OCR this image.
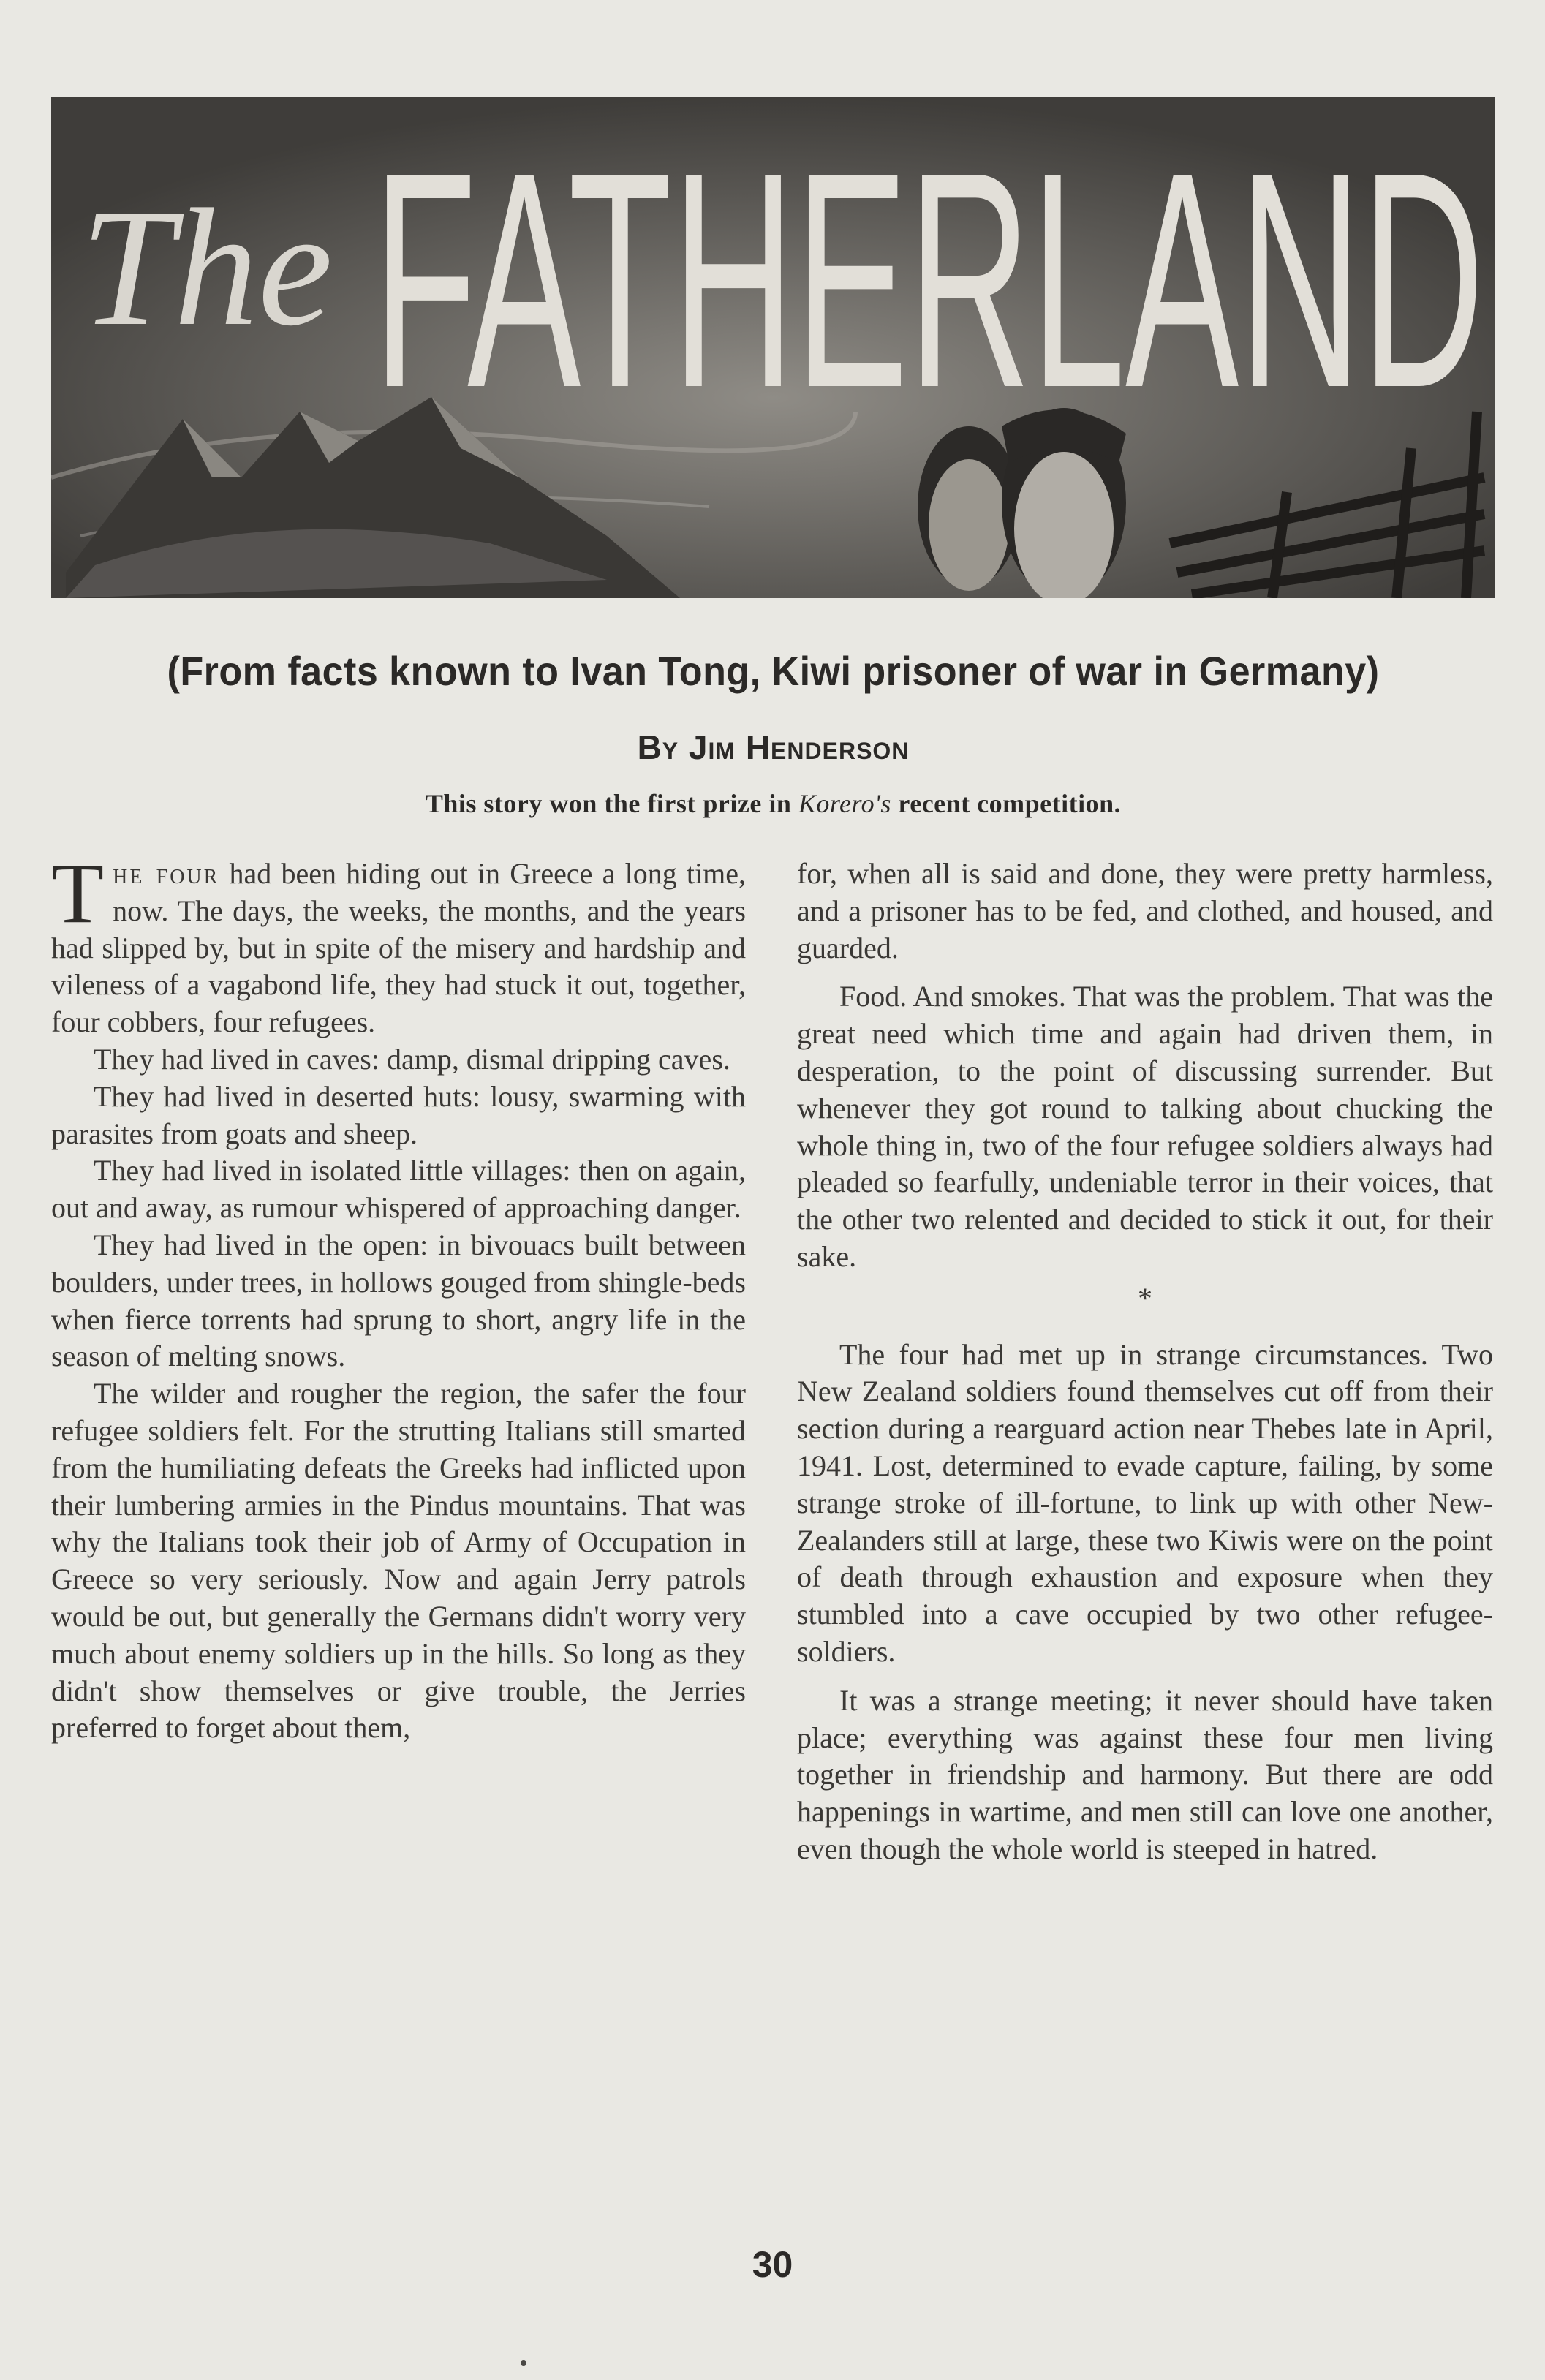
The FATHERLAND
(From facts known to Ivan Tong, Kiwi prisoner of war in Germany)
By Jim Henderson
This story won the first prize in Korero's recent competition.

The four had been hiding out in Greece a long time, now. The days, the weeks, the months, and the years had slipped by, but in spite of the misery and hardship and vileness of a vagabond life, they had stuck it out, together, four cobbers, four refugees.

They had lived in caves: damp, dismal dripping caves.

They had lived in deserted huts: lousy, swarming with parasites from goats and sheep.

They had lived in isolated little villages: then on again, out and away, as rumour whispered of approaching danger.

They had lived in the open: in bivouacs built between boulders, under trees, in hollows gouged from shingle-beds when fierce torrents had sprung to short, angry life in the season of melting snows.

The wilder and rougher the region, the safer the four refugee soldiers felt. For the strutting Italians still smarted from the humiliating defeats the Greeks had inflicted upon their lumbering armies in the Pindus mountains. That was why the Italians took their job of Army of Occupation in Greece so very seriously. Now and again Jerry patrols would be out, but generally the Germans didn't worry very much about enemy soldiers up in the hills. So long as they didn't show themselves or give trouble, the Jerries preferred to forget about them,

for, when all is said and done, they were pretty harmless, and a prisoner has to be fed, and clothed, and housed, and guarded.

Food. And smokes. That was the problem. That was the great need which time and again had driven them, in desperation, to the point of discussing surrender. But whenever they got round to talking about chucking the whole thing in, two of the four refugee soldiers always had pleaded so fearfully, undeniable terror in their voices, that the other two relented and decided to stick it out, for their sake.

*

The four had met up in strange circumstances. Two New Zealand soldiers found themselves cut off from their section during a rearguard action near Thebes late in April, 1941. Lost, determined to evade capture, failing, by some strange stroke of ill-fortune, to link up with other New-Zealanders still at large, these two Kiwis were on the point of death through exhaustion and exposure when they stumbled into a cave occupied by two other refugee-soldiers.

It was a strange meeting; it never should have taken place; everything was against these four men living together in friendship and harmony. But there are odd happenings in wartime, and men still can love one another, even though the whole world is steeped in hatred.

30
